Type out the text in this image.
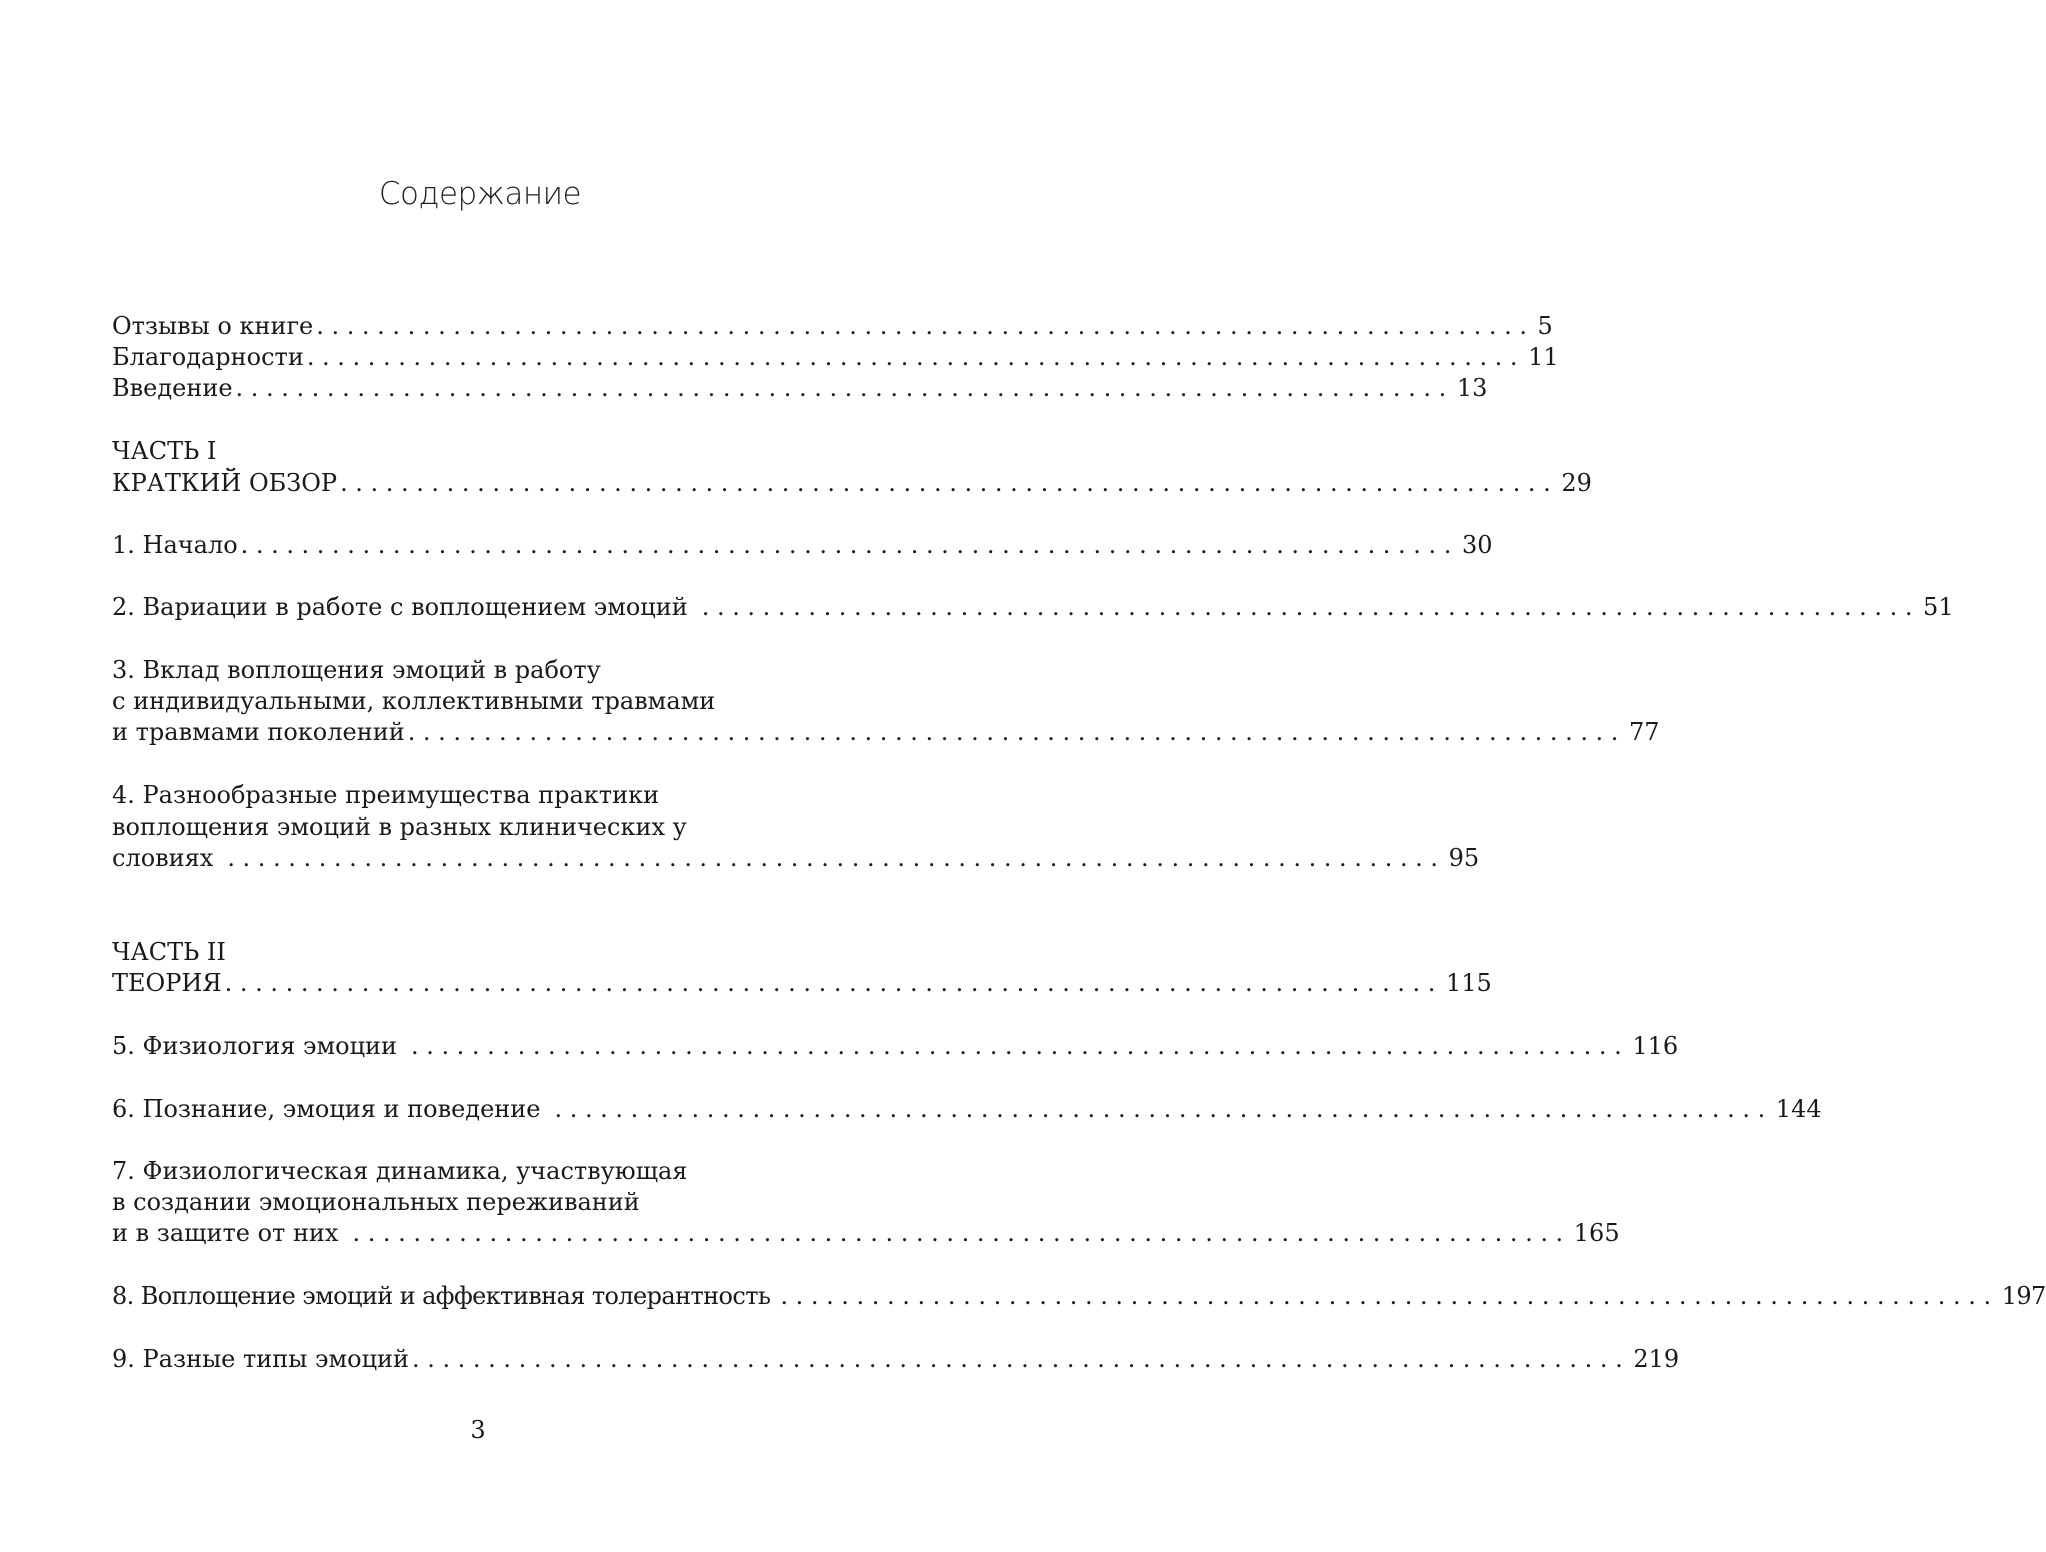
Содержание
Отзывы о книге ................................................................................ 5
Благодарности ................................................................................ 11
Введение ................................................................................ 13
ЧАСТЬ I
КРАТКИЙ ОБЗОР ................................................................................ 29
1. Начало ................................................................................ 30
2. Вариации в работе с воплощением эмоций ................................................................................ 51
3. Вклад воплощения эмоций в работу
с индивидуальными, коллективными травмами
и травмами поколений ................................................................................ 77
4. Разнообразные преимущества практики
воплощения эмоций в разных клинических у
словиях ................................................................................ 95
ЧАСТЬ II
ТЕОРИЯ ................................................................................ 115
5. Физиология эмоции ................................................................................ 116
6. Познание, эмоция и поведение ................................................................................ 144
7. Физиологическая динамика, участвующая
в создании эмоциональных переживаний
и в защите от них ................................................................................ 165
8. Воплощение эмоций и аффективная толерантность ................................................................................ 197
9. Разные типы эмоций ................................................................................ 219
3
